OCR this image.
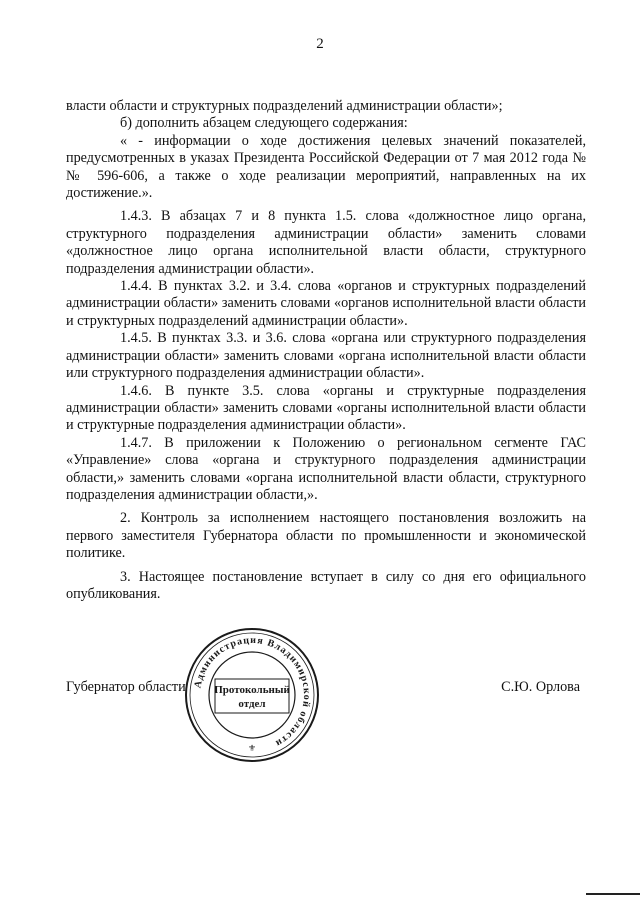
2

власти области и структурных подразделений администрации области»;

б) дополнить абзацем следующего содержания:

« - информации о ходе достижения целевых значений показателей, предусмотренных в указах Президента Российской Федерации от 7 мая 2012 года №№ 596-606, а также о ходе реализации мероприятий, направленных на их достижение.».

1.4.3. В абзацах 7 и 8 пункта 1.5. слова «должностное лицо органа, структурного подразделения администрации области» заменить словами «должностное лицо органа исполнительной власти области, структурного подразделения администрации области».

1.4.4. В пунктах 3.2. и 3.4. слова «органов и структурных подразделений администрации области» заменить словами «органов исполнительной власти области и структурных подразделений администрации области».

1.4.5. В пунктах 3.3. и 3.6. слова «органа или структурного подразделения администрации области» заменить словами «органа исполнительной власти области или структурного подразделения администрации области».

1.4.6. В пункте 3.5. слова «органы и структурные подразделения администрации области» заменить словами «органы исполнительной власти области и структурные подразделения администрации области».

1.4.7. В приложении к Положению о региональном сегменте ГАС «Управление» слова «органа и структурного подразделения администрации области,» заменить словами «органа исполнительной власти области, структурного подразделения администрации области,».

2. Контроль за исполнением настоящего постановления возложить на первого заместителя Губернатора области по промышленности и экономической политике.

3. Настоящее постановление вступает в силу со дня его официального опубликования.

Губернатор области	С.Ю. Орлова
Администрация Владимирской области
Протокольный
отдел
⚜
